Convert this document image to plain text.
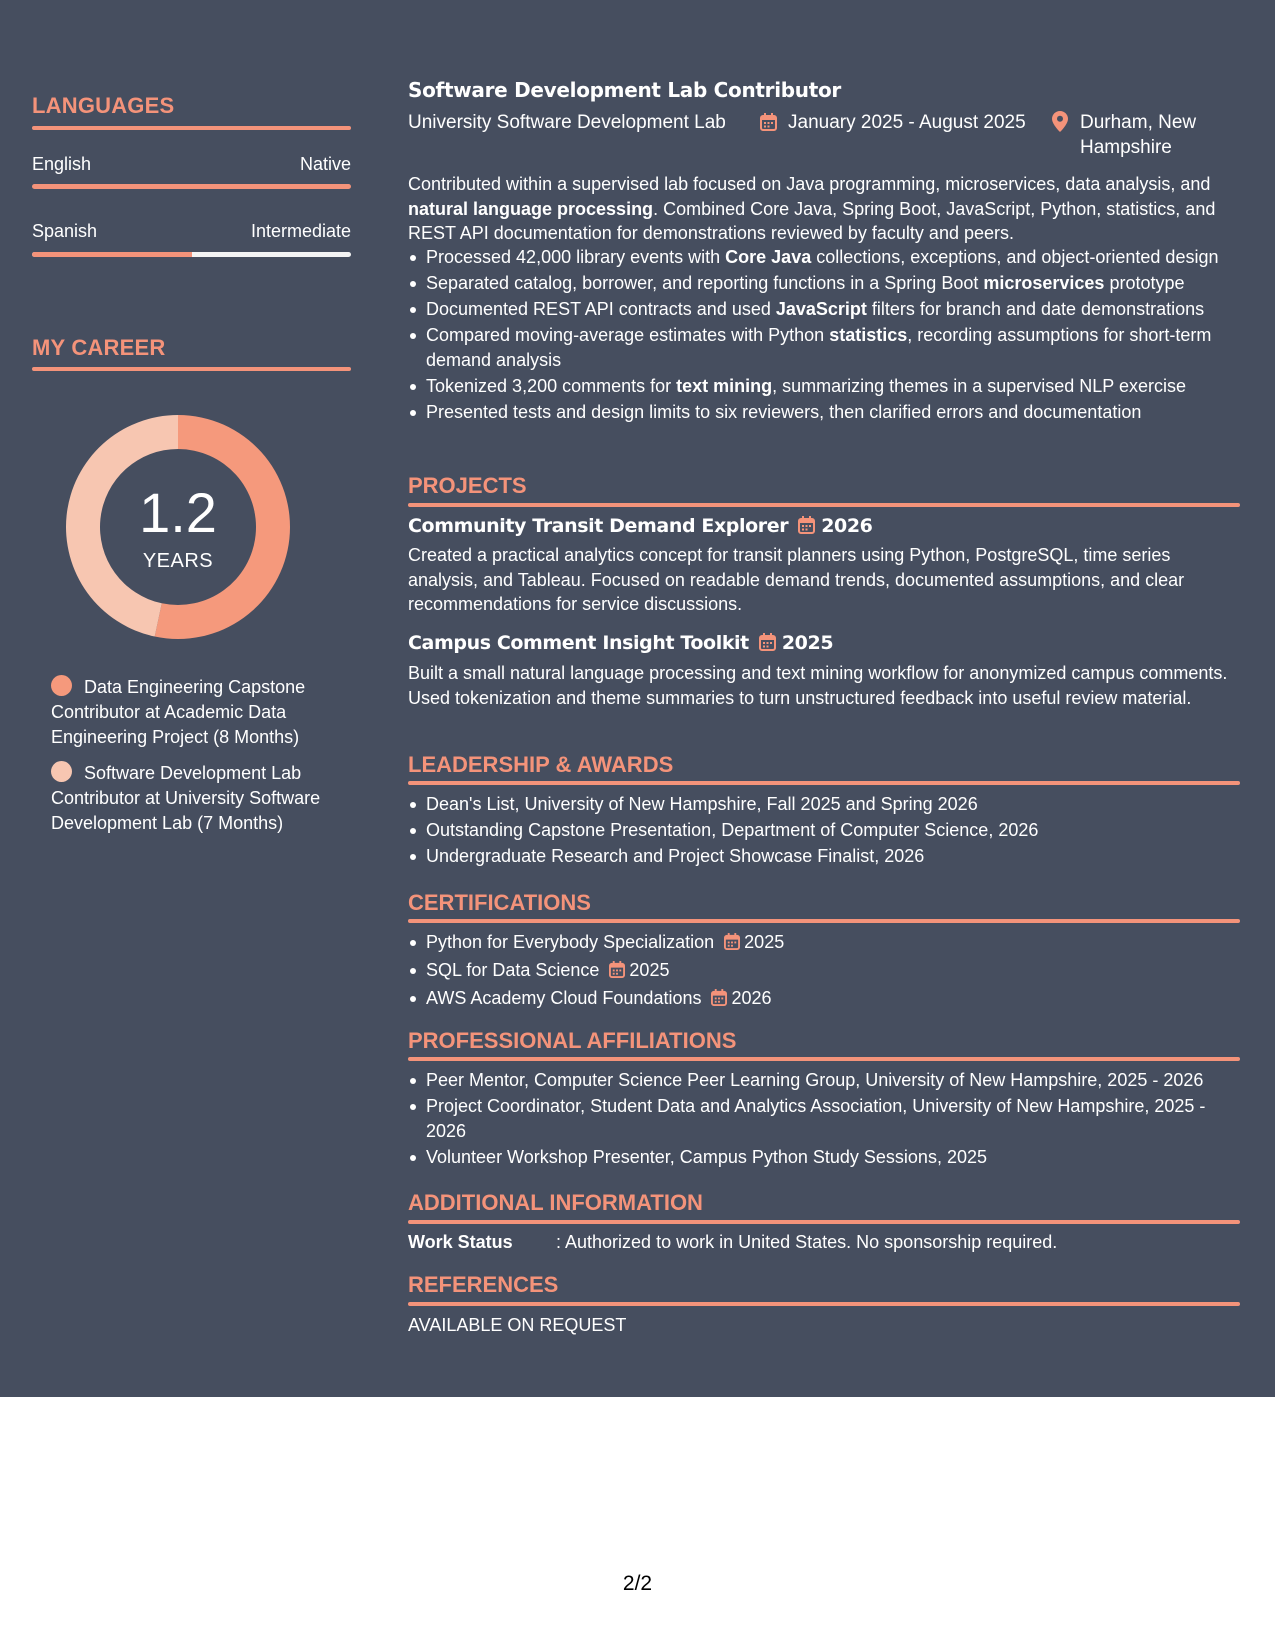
LANGUAGES
English	Native
Spanish	Intermediate
MY CAREER
1.2
YEARS
Data Engineering Capstone Contributor at Academic Data Engineering Project (8 Months)
Software Development Lab Contributor at University Software Development Lab (7 Months)
Software Development Lab Contributor
University Software Development Lab	January 2025 - August 2025	Durham, New Hampshire
Contributed within a supervised lab focused on Java programming, microservices, data analysis, and natural language processing. Combined Core Java, Spring Boot, JavaScript, Python, statistics, and REST API documentation for demonstrations reviewed by faculty and peers.
Processed 42,000 library events with Core Java collections, exceptions, and object-oriented design
Separated catalog, borrower, and reporting functions in a Spring Boot microservices prototype
Documented REST API contracts and used JavaScript filters for branch and date demonstrations
Compared moving-average estimates with Python statistics, recording assumptions for short-term demand analysis
Tokenized 3,200 comments for text mining, summarizing themes in a supervised NLP exercise
Presented tests and design limits to six reviewers, then clarified errors and documentation
PROJECTS
Community Transit Demand Explorer 2026
Created a practical analytics concept for transit planners using Python, PostgreSQL, time series analysis, and Tableau. Focused on readable demand trends, documented assumptions, and clear recommendations for service discussions.
Campus Comment Insight Toolkit 2025
Built a small natural language processing and text mining workflow for anonymized campus comments. Used tokenization and theme summaries to turn unstructured feedback into useful review material.
LEADERSHIP & AWARDS
Dean's List, University of New Hampshire, Fall 2025 and Spring 2026
Outstanding Capstone Presentation, Department of Computer Science, 2026
Undergraduate Research and Project Showcase Finalist, 2026
CERTIFICATIONS
Python for Everybody Specialization 2025
SQL for Data Science 2025
AWS Academy Cloud Foundations 2026
PROFESSIONAL AFFILIATIONS
Peer Mentor, Computer Science Peer Learning Group, University of New Hampshire, 2025 - 2026
Project Coordinator, Student Data and Analytics Association, University of New Hampshire, 2025 - 2026
Volunteer Workshop Presenter, Campus Python Study Sessions, 2025
ADDITIONAL INFORMATION
Work Status : Authorized to work in United States. No sponsorship required.
REFERENCES
AVAILABLE ON REQUEST
2/2
